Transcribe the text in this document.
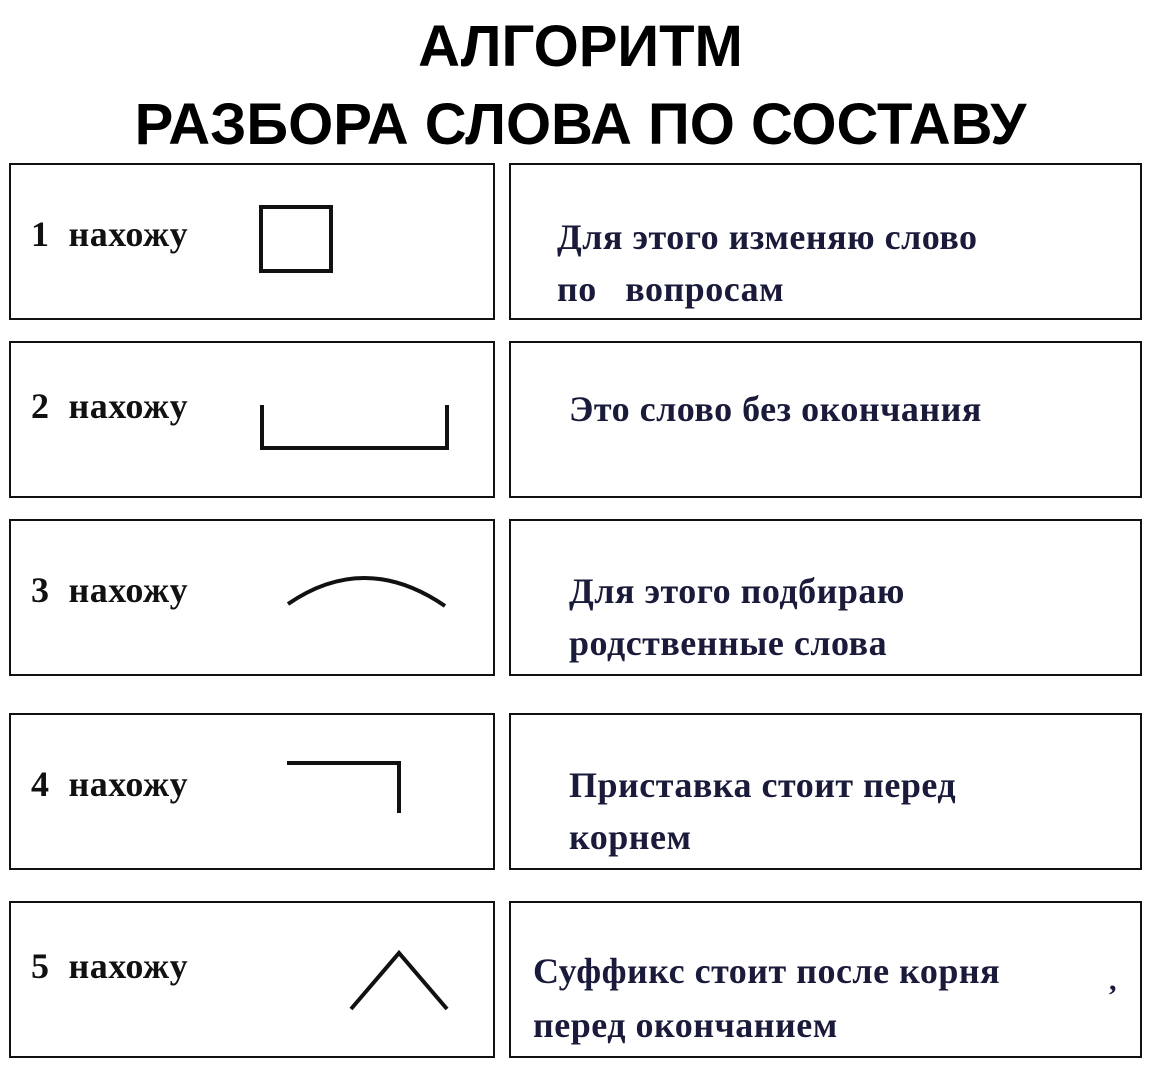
АЛГОРИТМ
РАЗБОРА СЛОВА ПО СОСТАВУ
1  нахожу	Для этого изменяю слово
по   вопросам
2  нахожу	Это слово без окончания
3  нахожу	Для этого подбираю
родственные слова
4  нахожу	Приставка стоит перед
корнем
5  нахожу	Суффикс стоит после корня	,
перед окончанием
